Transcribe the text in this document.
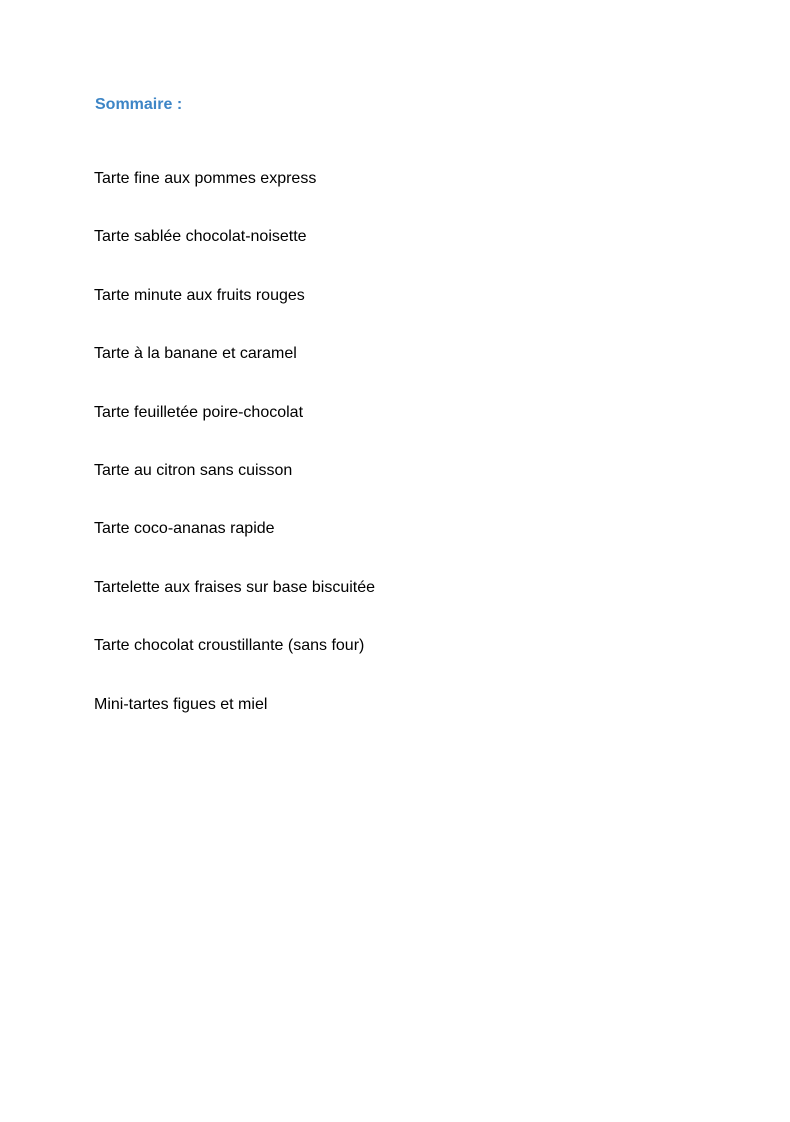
Sommaire :
Tarte fine aux pommes express
Tarte sablée chocolat-noisette
Tarte minute aux fruits rouges
Tarte à la banane et caramel
Tarte feuilletée poire-chocolat
Tarte au citron sans cuisson
Tarte coco-ananas rapide
Tartelette aux fraises sur base biscuitée
Tarte chocolat croustillante (sans four)
Mini-tartes figues et miel
